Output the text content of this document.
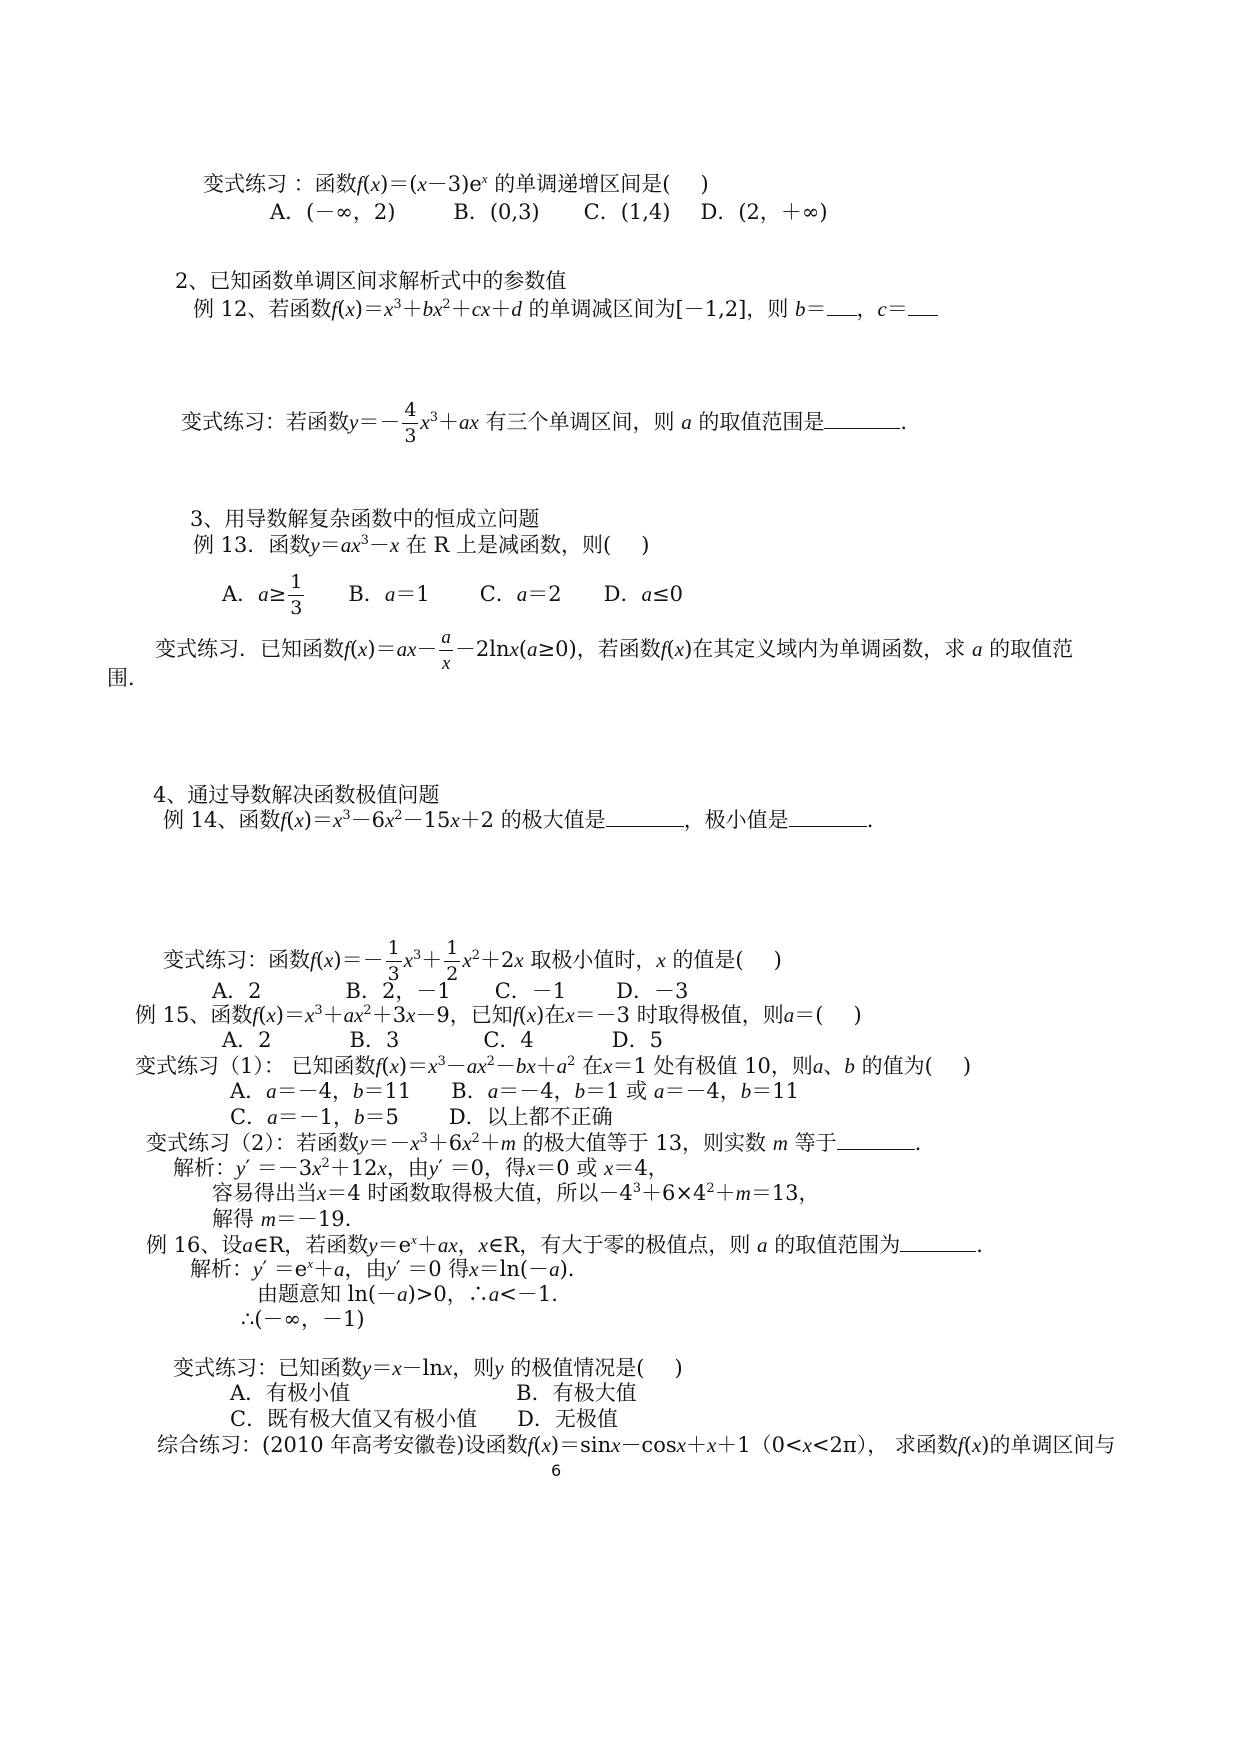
变式练习 ：函数$f(x)=(x-3)e^x$ 的单调递增区间是( )
A．(－∞，2)	B．(0,3) C．(1,4) D．(2，＋∞)
2、已知函数单调区间求解析式中的参数值
例 12、若函数$f(x)=x^3+bx^2+cx+d$ 的单调减区间为[－1,2]，则 b＝ ，c＝
变式练习：若函数$y=- \frac{4}{3} x^3+ax$ 有三个单调区间，则 a 的取值范围是	.
3、用导数解复杂函数中的恒成立问题
例 13．函数$y=ax^3-x$ 在 R 上是减函数，则( )
A．$a\ge \frac{1}{3}$ B．a＝1 C．a＝2 D．a≤0
变式练习．已知函数$f(x)=ax- \frac{a}{x} -2\ln x(a\ge 0)$，若函数f(x)在其定义域内为单调函数，求 a 的取值范
围．
4、通过导数解决函数极值问题
例 14、函数$f(x)=x^3-6x^2-15x+2$ 的极大值是	，极小值是	.
变式练习：函数$f(x)=- \frac{1}{3} x^3+ \frac{1}{2} x^2+2x$ 取极小值时，x 的值是( )
A．2	B．2，－1 C．－1 D．－3
例 15、函数$f(x)=x^3+ax^2+3x-9$，已知f(x)在x＝－3 时取得极值，则a＝( )
A．2	B．3	C．4	D．5
变式练习（1）： 已知函数$f(x)=x^3-ax^2-bx+a^2$ 在x＝1 处有极值 10，则a、b 的值为( )
A．a＝－4，b＝11 B．a＝－4，b＝1 或 a＝－4，b＝11
C．a＝－1，b＝5 D．以上都不正确
变式练习（2）：若函数$y=-x^3+6x^2+m$ 的极大值等于 13，则实数 m 等于	.
解析：$y' =-3x^2+12x$，由y′ ＝0，得x＝0 或 x＝4，
容易得出当x＝4 时函数取得极大值，所以$-4^3+6\times 4^2+m=13$，
解得 m＝－19.
例 16、设a∈R，若函数$y=e^x+ax$，x∈R，有大于零的极值点，则 a 的取值范围为	.
解析：$y' =e^x+a$，由y′ ＝0 得x＝ln(－a).
由题意知 ln(－a)>0，∴a<－1.
∴(－∞，－1)
变式练习：已知函数y＝x－lnx，则y 的极值情况是( )
A．有极小值	B．有极大值
C．既有极大值又有极小值 D．无极值
综合练习：(2010 年高考安徽卷)设函数f(x)＝sinx－cosx＋x＋1（0<x<2π）， 求函数f(x)的单调区间与
6
